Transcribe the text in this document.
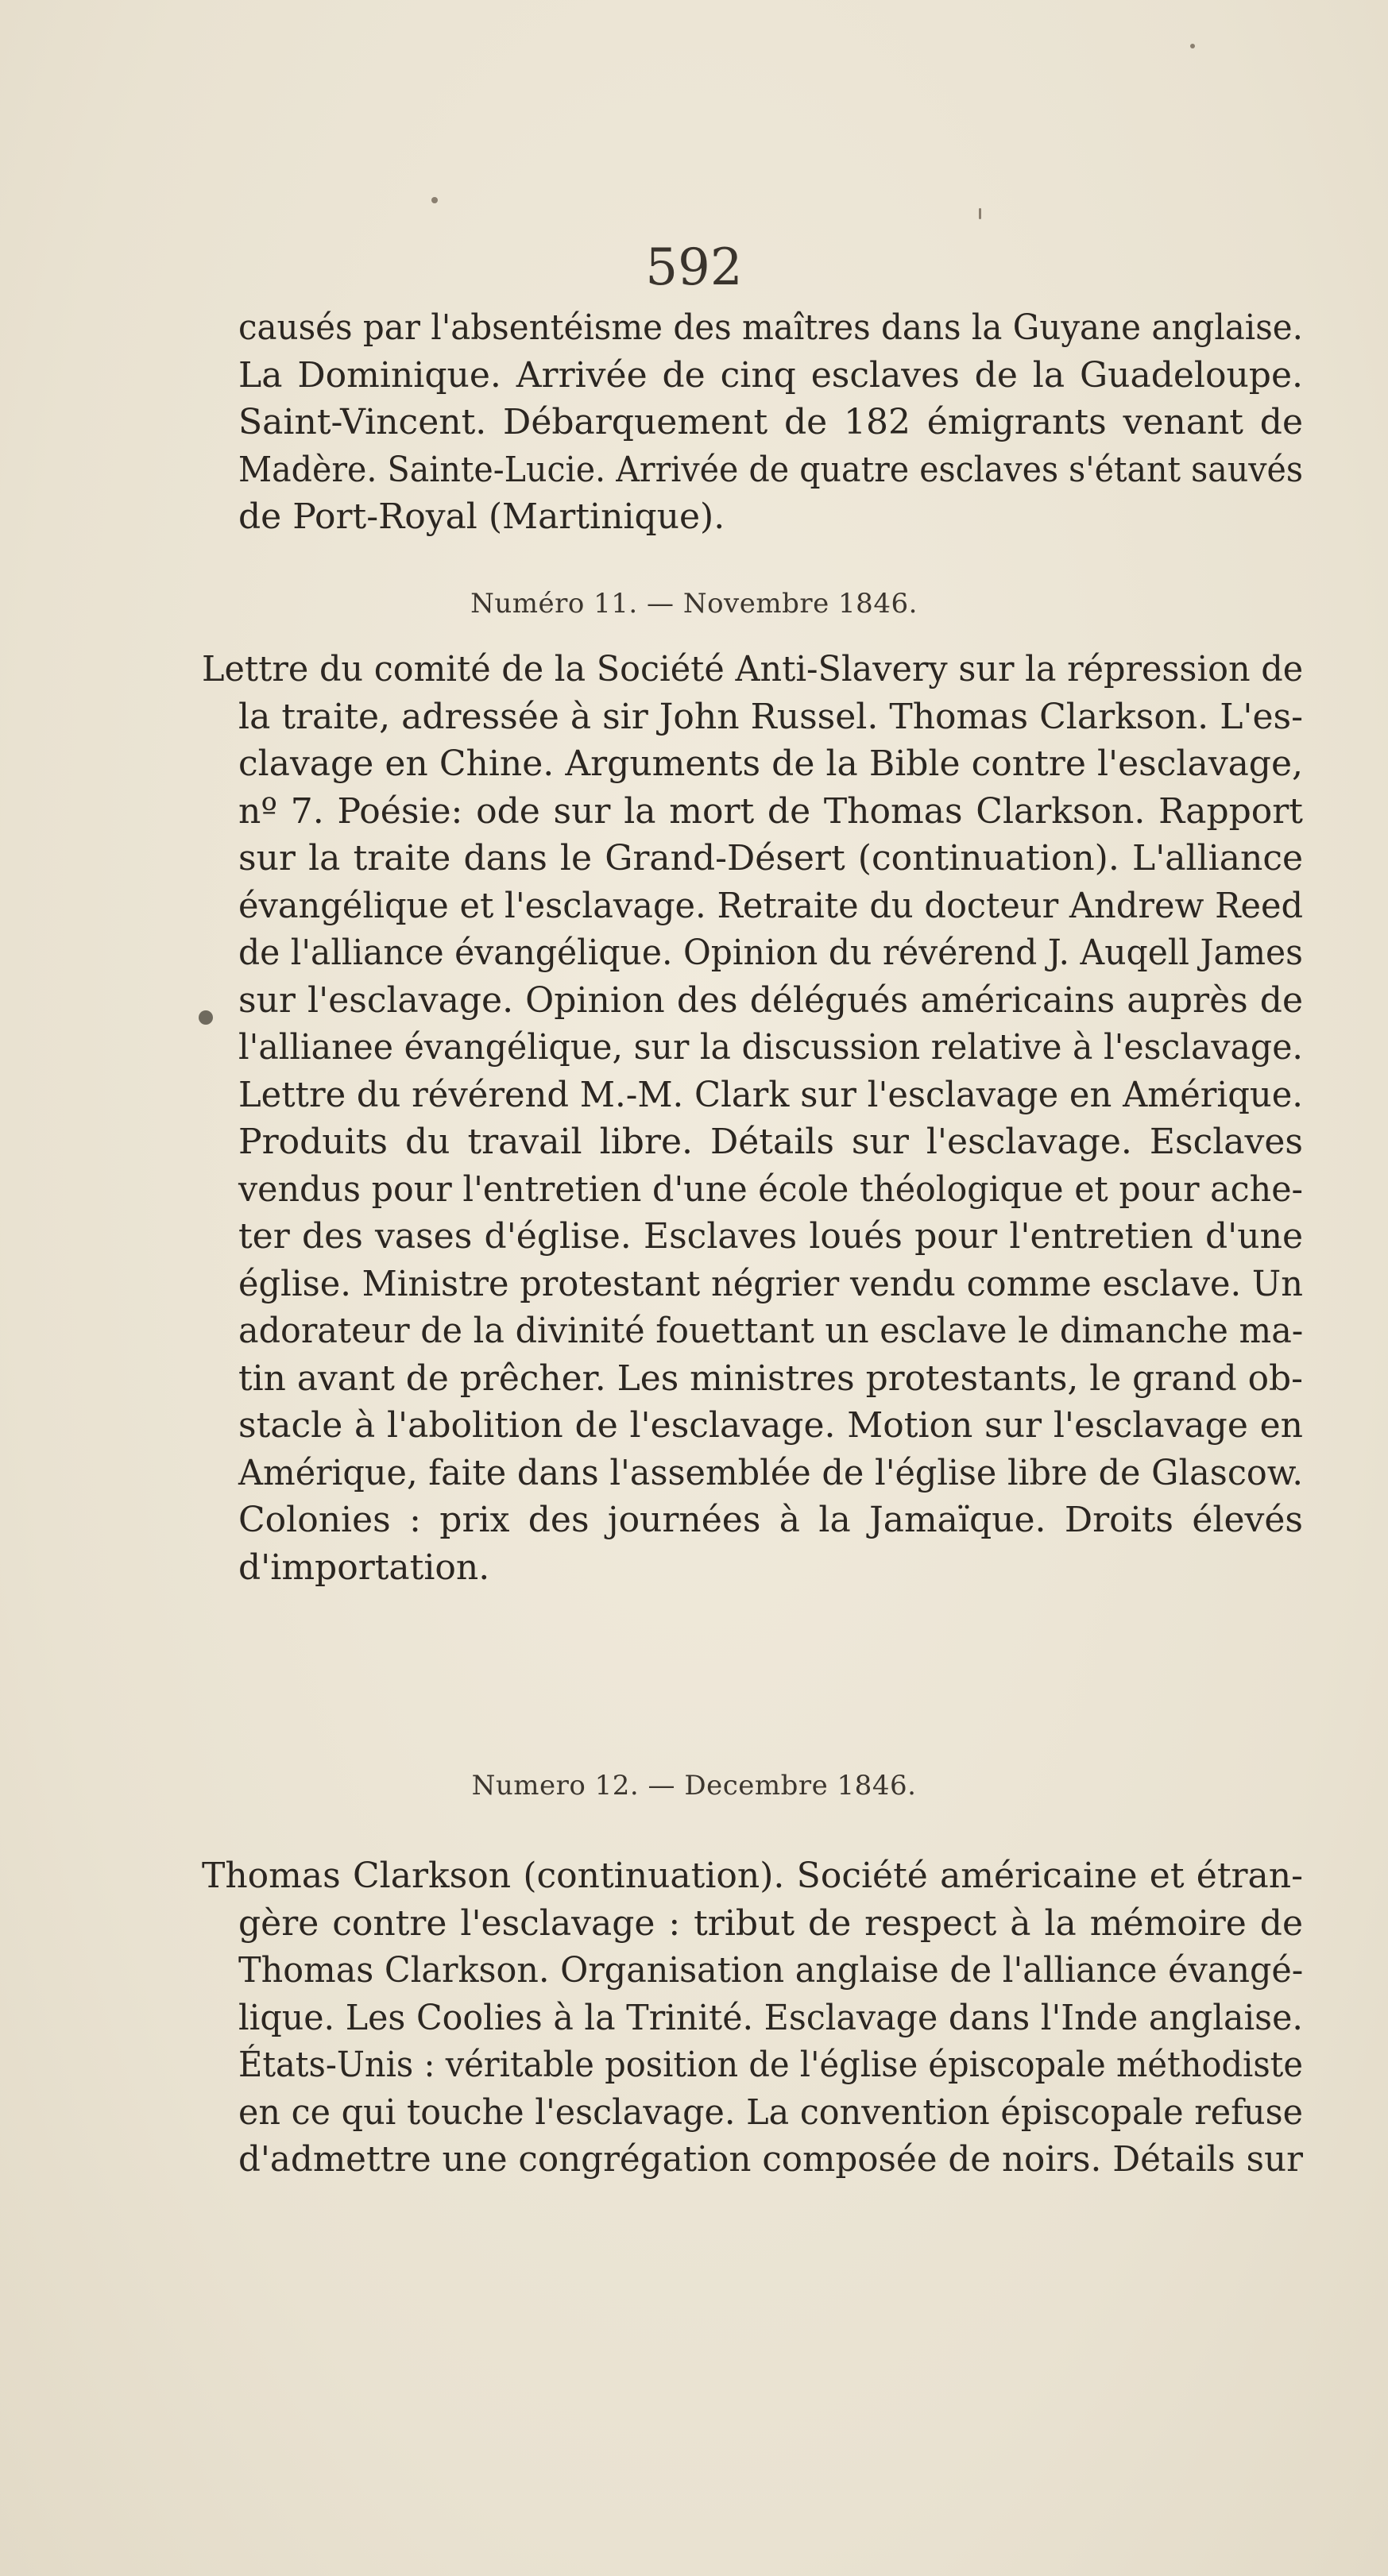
592
causés par l'absentéisme des maîtres dans la Guyane anglaise.
La Dominique. Arrivée de cinq esclaves de la Guadeloupe.
Saint-Vincent. Débarquement de 182 émigrants venant de
Madère. Sainte-Lucie. Arrivée de quatre esclaves s'étant sauvés
de Port-Royal (Martinique).
Numéro 11. — Novembre 1846.
Lettre du comité de la Société Anti-Slavery sur la répression de
la traite, adressée à sir John Russel. Thomas Clarkson. L'es-
clavage en Chine. Arguments de la Bible contre l'esclavage,
nº 7. Poésie: ode sur la mort de Thomas Clarkson. Rapport
sur la traite dans le Grand-Désert (continuation). L'alliance
évangélique et l'esclavage. Retraite du docteur Andrew Reed
de l'alliance évangélique. Opinion du révérend J. Auqell James
sur l'esclavage. Opinion des délégués américains auprès de
l'allianee évangélique, sur la discussion relative à l'esclavage.
Lettre du révérend M.-M. Clark sur l'esclavage en Amérique.
Produits du travail libre. Détails sur l'esclavage. Esclaves
vendus pour l'entretien d'une école théologique et pour ache-
ter des vases d'église. Esclaves loués pour l'entretien d'une
église. Ministre protestant négrier vendu comme esclave. Un
adorateur de la divinité fouettant un esclave le dimanche ma-
tin avant de prêcher. Les ministres protestants, le grand ob-
stacle à l'abolition de l'esclavage. Motion sur l'esclavage en
Amérique, faite dans l'assemblée de l'église libre de Glascow.
Colonies : prix des journées à la Jamaïque. Droits élevés
d'importation.
Numero 12. — Decembre 1846.
Thomas Clarkson (continuation). Société américaine et étran-
gère contre l'esclavage : tribut de respect à la mémoire de
Thomas Clarkson. Organisation anglaise de l'alliance évangé-
lique. Les Coolies à la Trinité. Esclavage dans l'Inde anglaise.
États-Unis : véritable position de l'église épiscopale méthodiste
en ce qui touche l'esclavage. La convention épiscopale refuse
d'admettre une congrégation composée de noirs. Détails sur
